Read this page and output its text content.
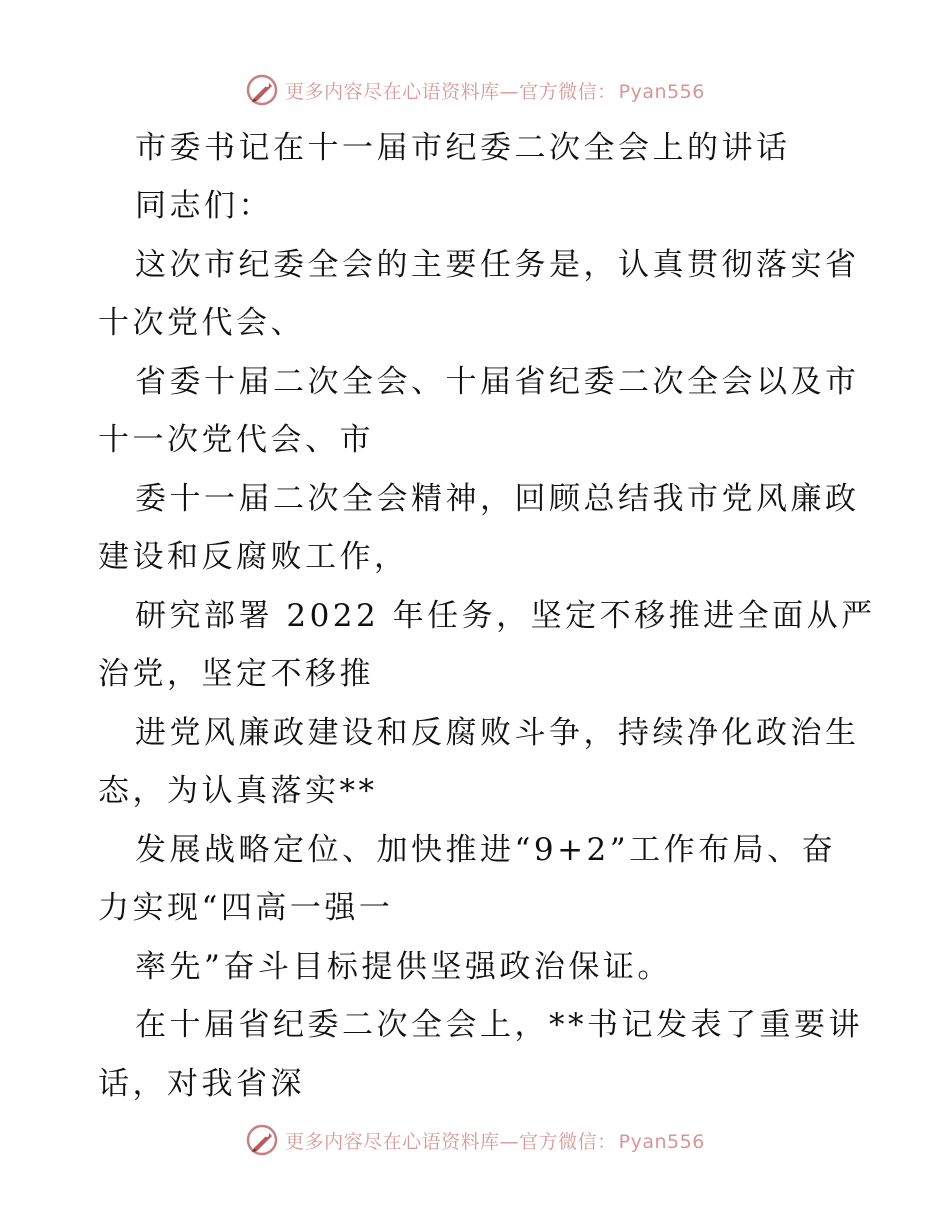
更多内容尽在心语资料库—官方微信： Pyan556
市委书记在十一届市纪委二次全会上的讲话
同志们：
这次市纪委全会的主要任务是，认真贯彻落实省
十次党代会、
省委十届二次全会、十届省纪委二次全会以及市
十一次党代会、市
委十一届二次全会精神，回顾总结我市党风廉政
建设和反腐败工作，
研究部署 2022 年任务，坚定不移推进全面从严
治党，坚定不移推
进党风廉政建设和反腐败斗争，持续净化政治生
态，为认真落实**
发展战略定位、加快推进“9+2”工作布局、奋
力实现“四高一强一
率先”奋斗目标提供坚强政治保证。
在十届省纪委二次全会上，**书记发表了重要讲
话，对我省深
更多内容尽在心语资料库—官方微信： Pyan556
